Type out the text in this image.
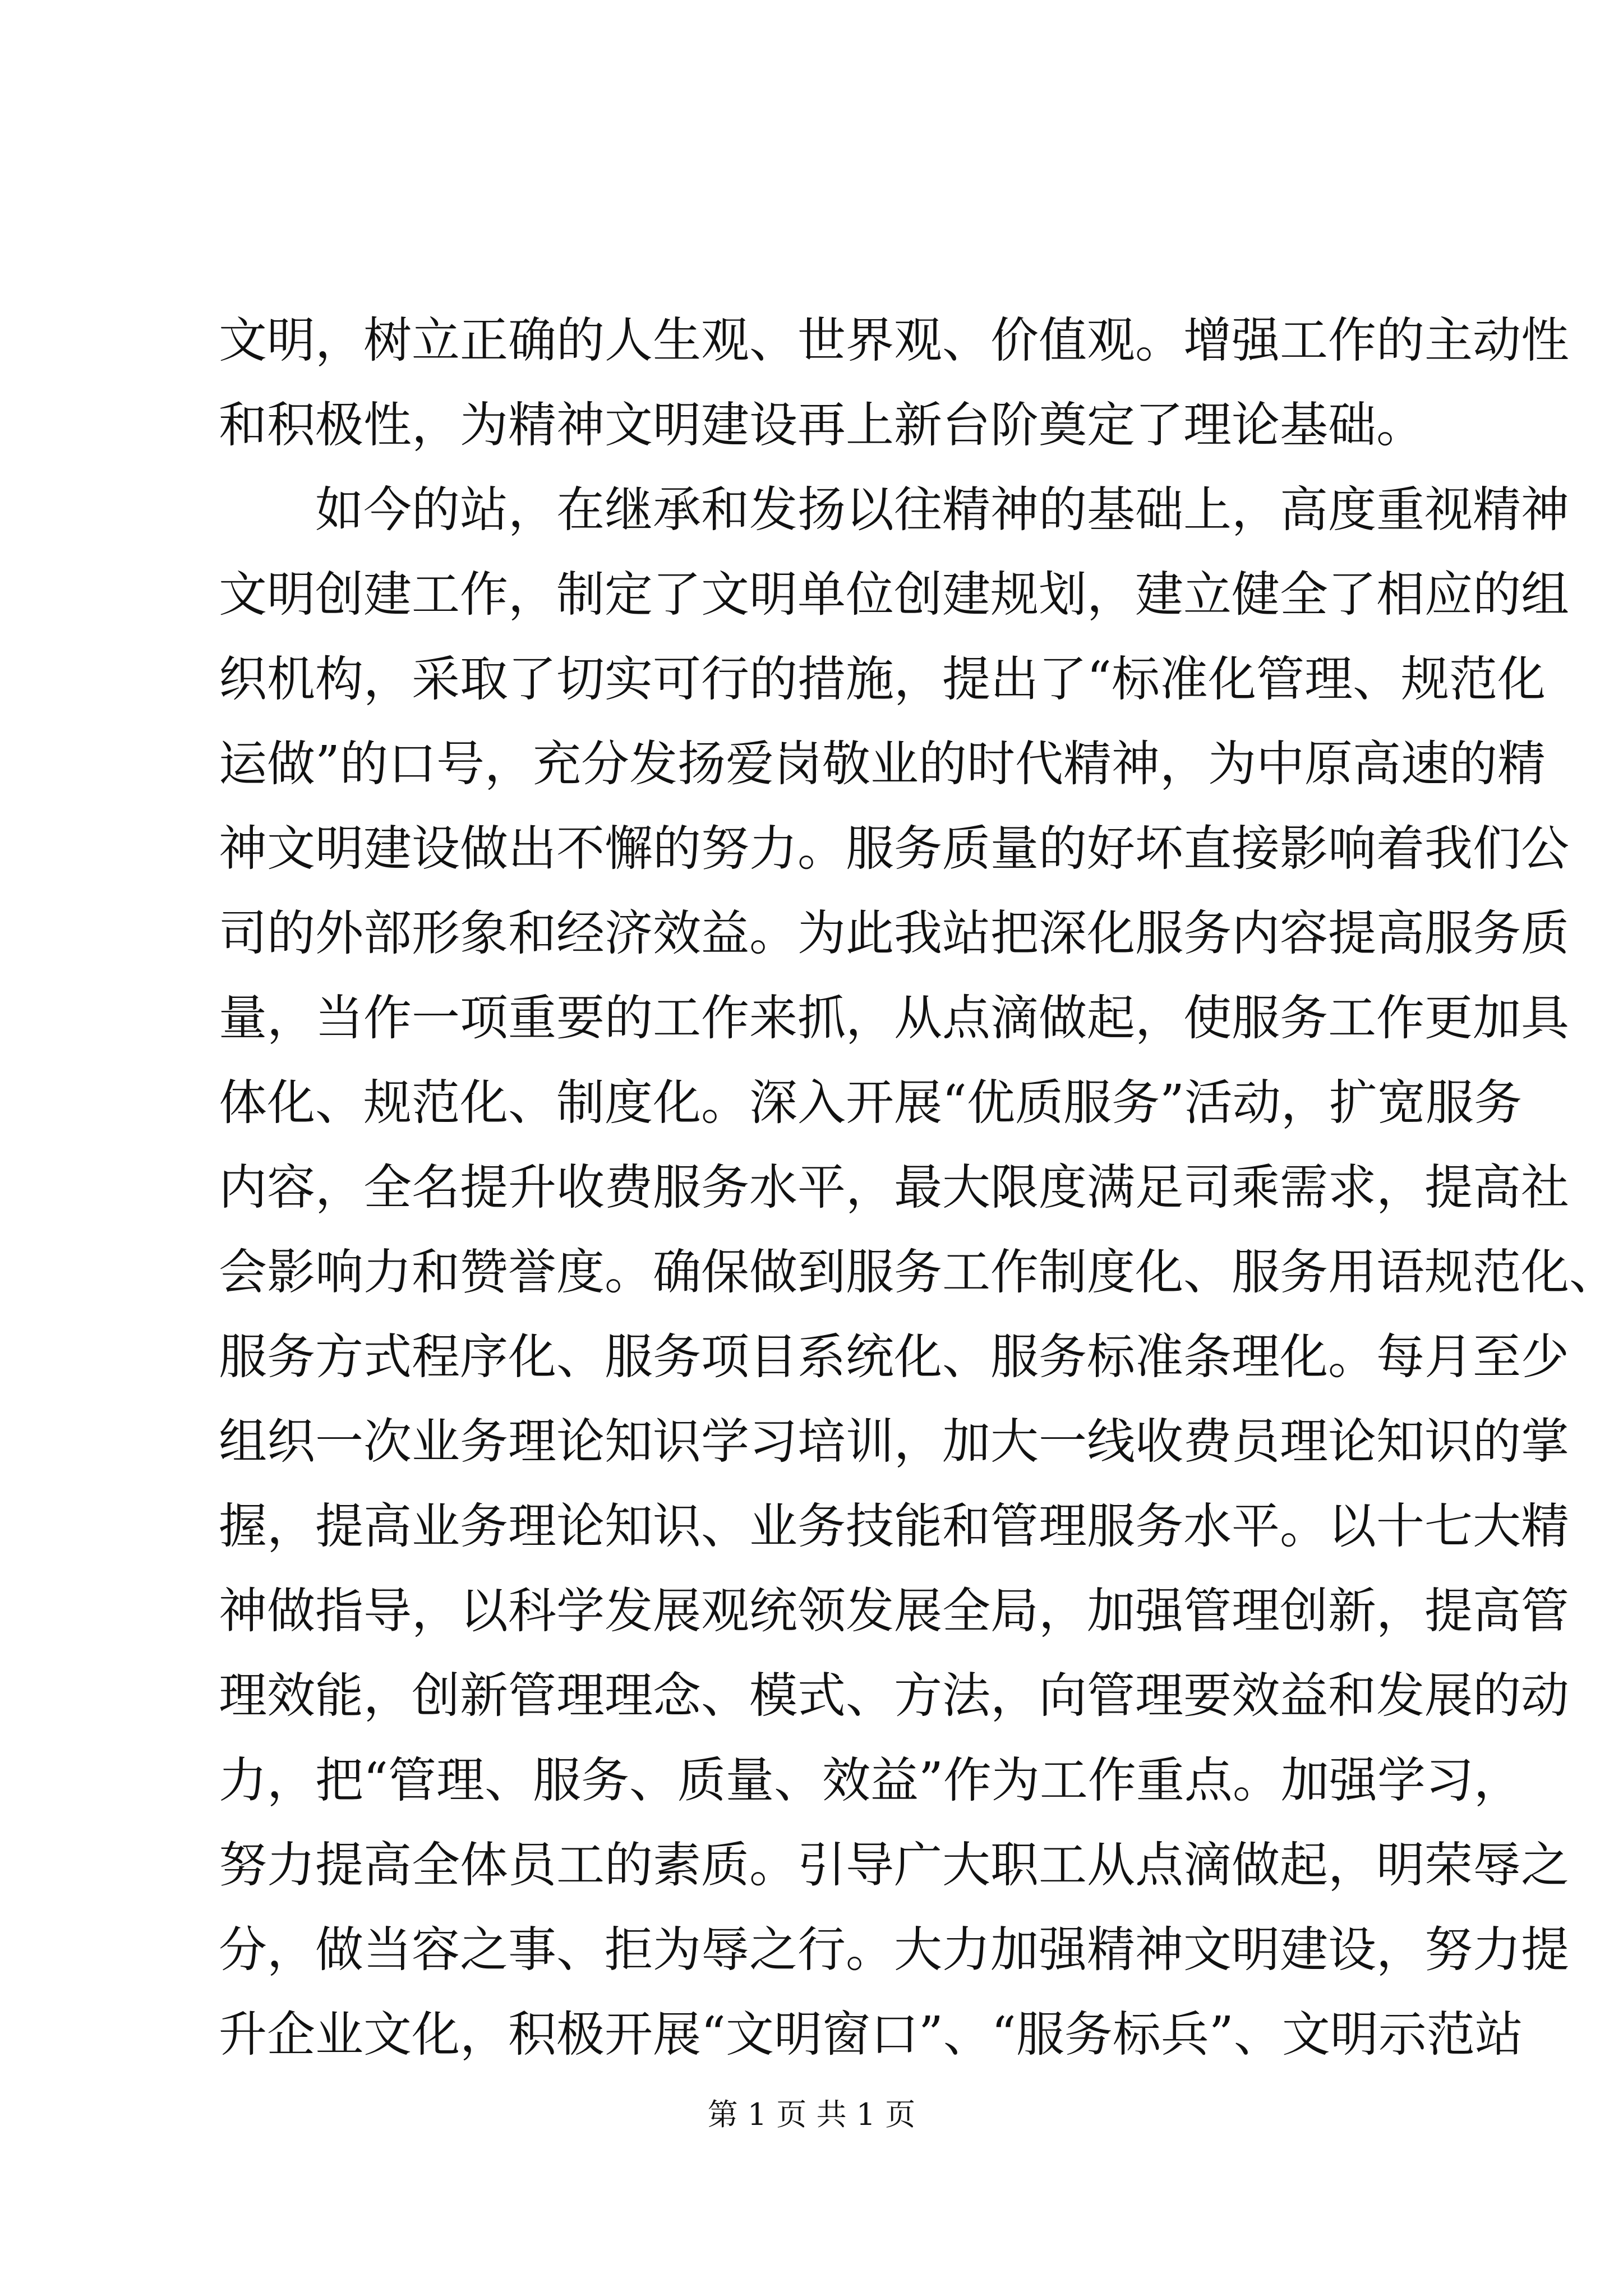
文明，树立正确的人生观、世界观、价值观。增强工作的主动性
和积极性，为精神文明建设再上新台阶奠定了理论基础。
　　如今的站，在继承和发扬以往精神的基础上，高度重视精神
文明创建工作，制定了文明单位创建规划，建立健全了相应的组
织机构，采取了切实可行的措施，提出了“标准化管理、规范化
运做”的口号，充分发扬爱岗敬业的时代精神，为中原高速的精
神文明建设做出不懈的努力。服务质量的好坏直接影响着我们公
司的外部形象和经济效益。为此我站把深化服务内容提高服务质
量，当作一项重要的工作来抓，从点滴做起，使服务工作更加具
体化、规范化、制度化。深入开展“优质服务”活动，扩宽服务
内容，全名提升收费服务水平，最大限度满足司乘需求，提高社
会影响力和赞誉度。确保做到服务工作制度化、服务用语规范化、
服务方式程序化、服务项目系统化、服务标准条理化。每月至少
组织一次业务理论知识学习培训，加大一线收费员理论知识的掌
握，提高业务理论知识、业务技能和管理服务水平。以十七大精
神做指导，以科学发展观统领发展全局，加强管理创新，提高管
理效能，创新管理理念、模式、方法，向管理要效益和发展的动
力，把“管理、服务、质量、效益”作为工作重点。加强学习，
努力提高全体员工的素质。引导广大职工从点滴做起，明荣辱之
分，做当容之事、拒为辱之行。大力加强精神文明建设，努力提
升企业文化，积极开展“文明窗口”、“服务标兵”、文明示范站
第 1 页 共 1 页
